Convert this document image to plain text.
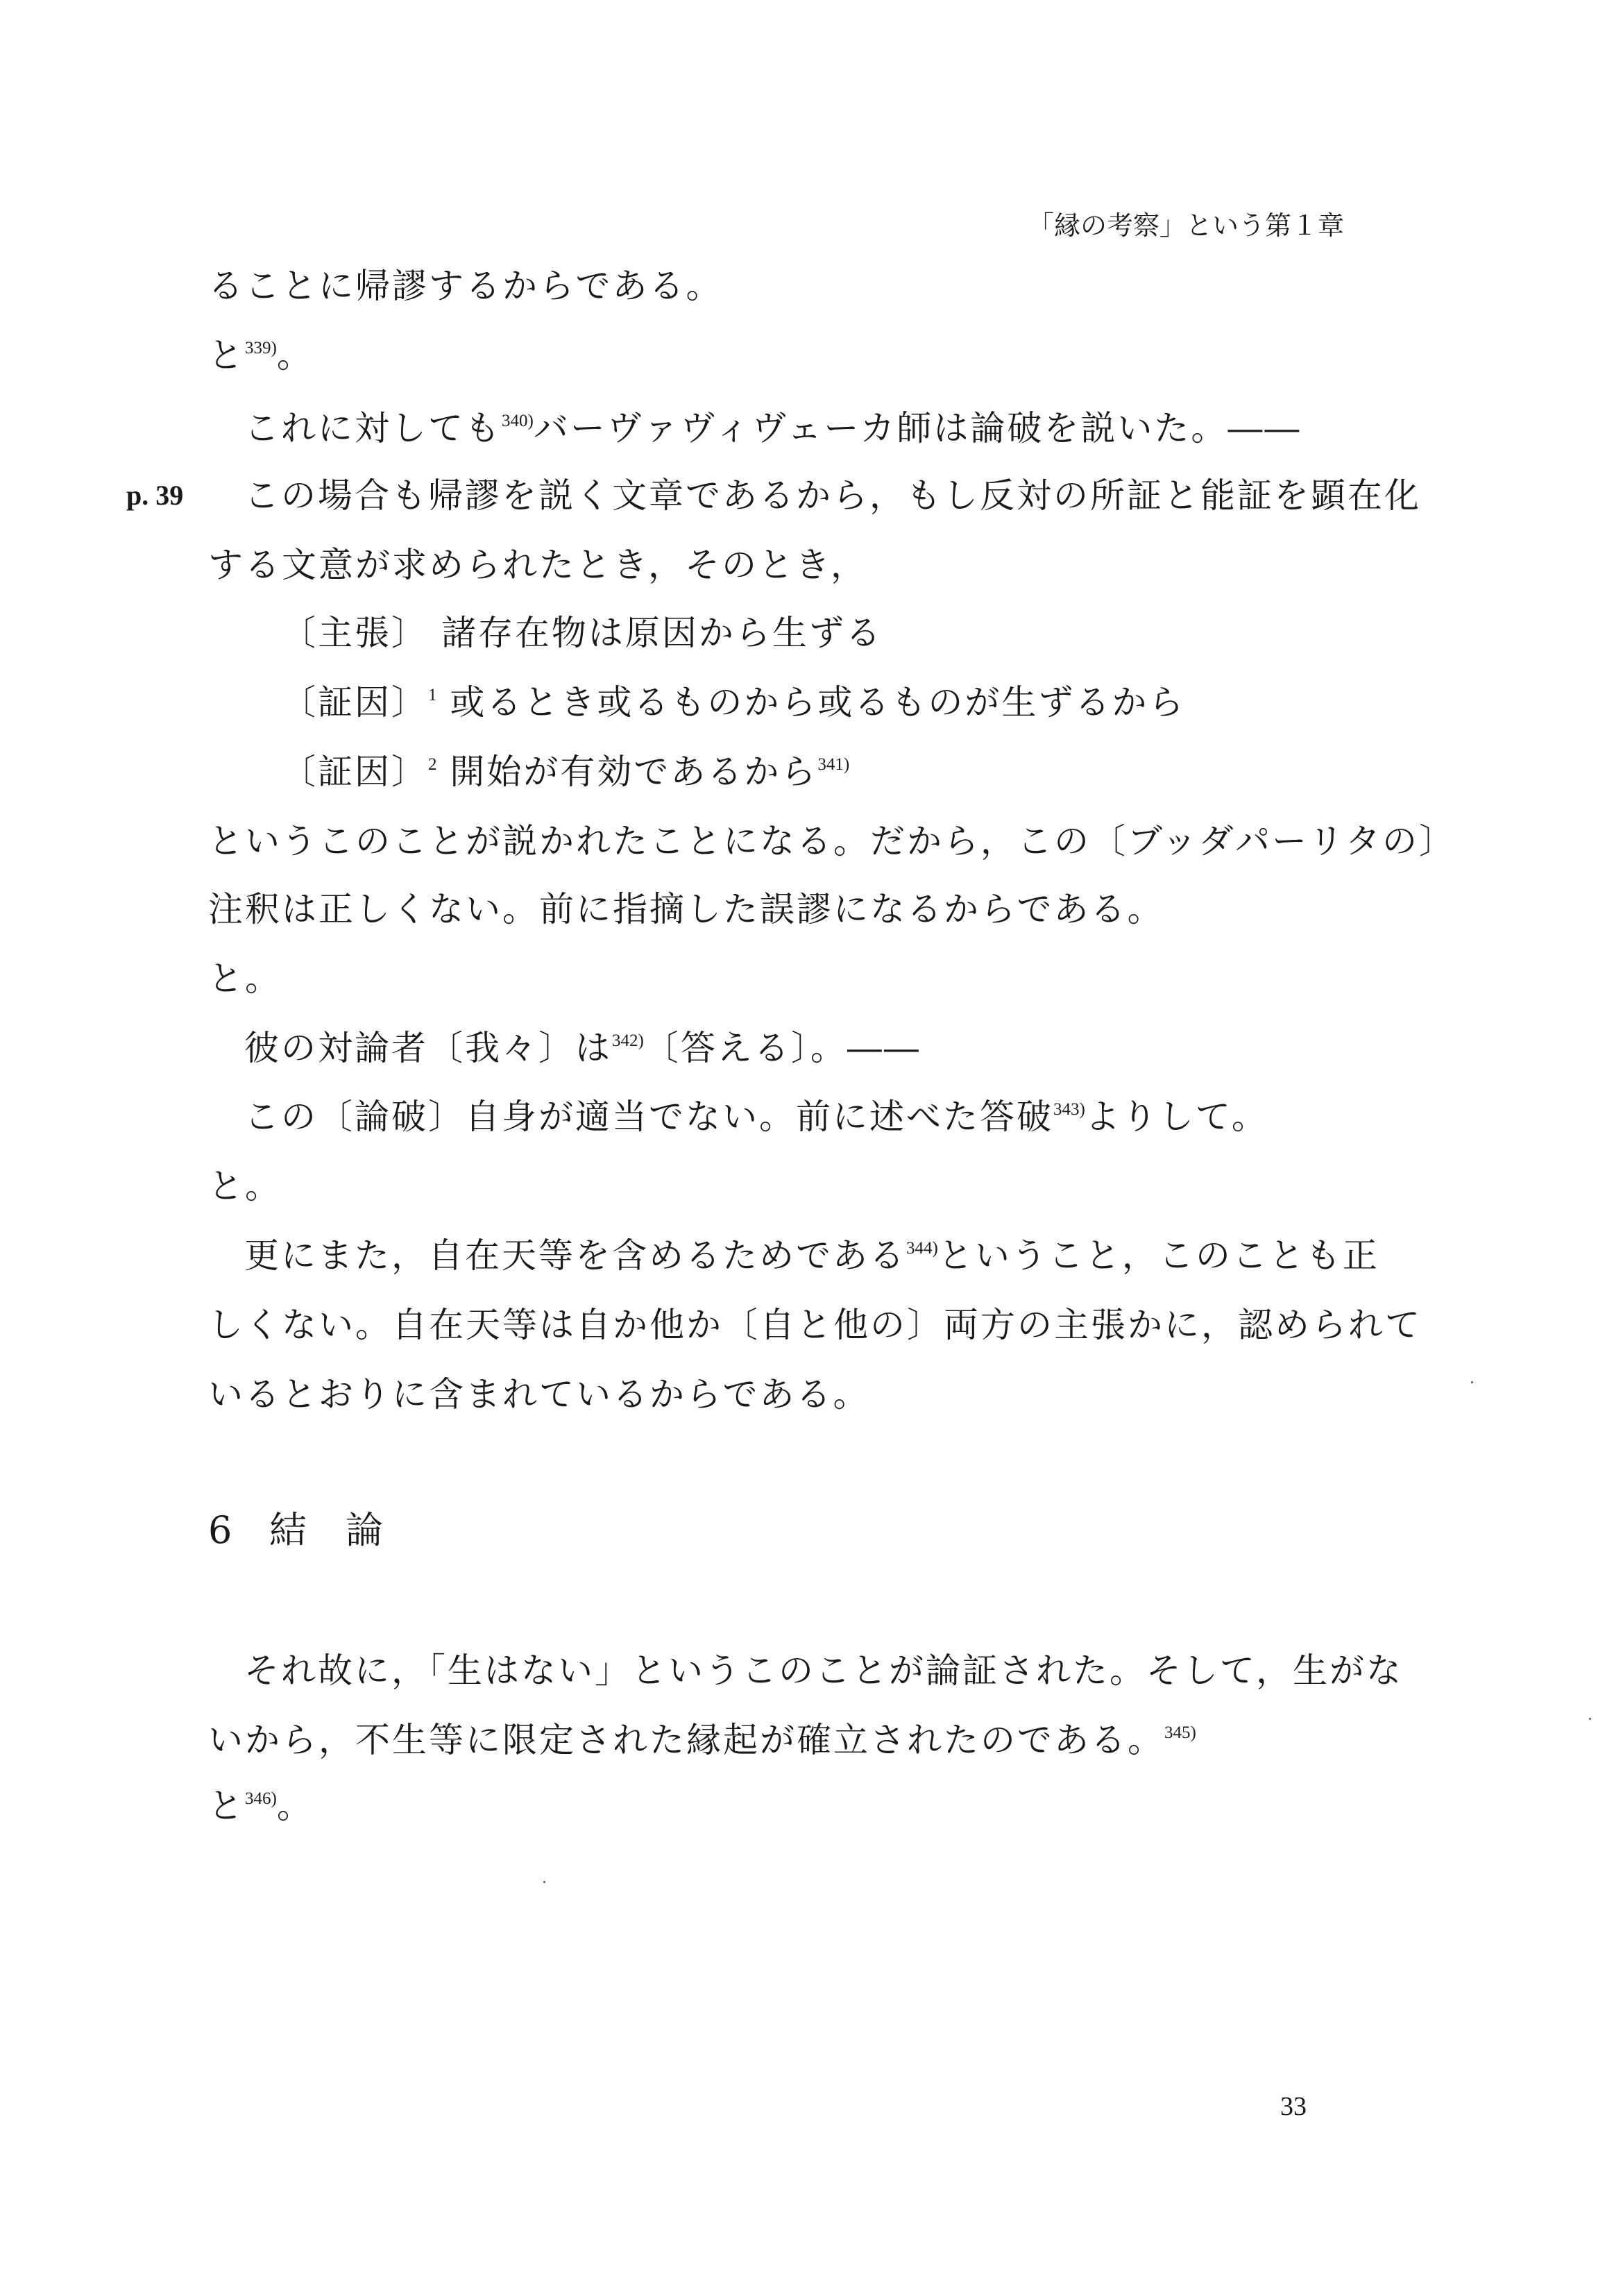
「縁の考察」という第１章
p. 39
ることに帰謬するからである。
と$^{339)}$。
これに対しても$^{340)}$バーヴァヴィヴェーカ師は論破を説いた。――
この場合も帰謬を説く文章であるから，もし反対の所証と能証を顕在化
する文意が求められたとき，そのとき，
〔主張〕 諸存在物は原因から生ずる
〔証因〕$^1$ 或るとき或るものから或るものが生ずるから
〔証因〕$^2$ 開始が有効であるから$^{341)}$
というこのことが説かれたことになる。だから，この〔ブッダパーリタの〕
注釈は正しくない。前に指摘した誤謬になるからである。
と。
彼の対論者〔我々〕は$^{342)}$〔答える〕。――
この〔論破〕自身が適当でない。前に述べた答破$^{343)}$よりして。
と。
更にまた，自在天等を含めるためである$^{344)}$ということ，このことも正
しくない。自在天等は自か他か〔自と他の〕両方の主張かに，認められて
いるとおりに含まれているからである。
6 結 論
それ故に，「生はない」というこのことが論証された。そして，生がな
いから，不生等に限定された縁起が確立されたのである。$^{345)}$
と$^{346)}$。
33
